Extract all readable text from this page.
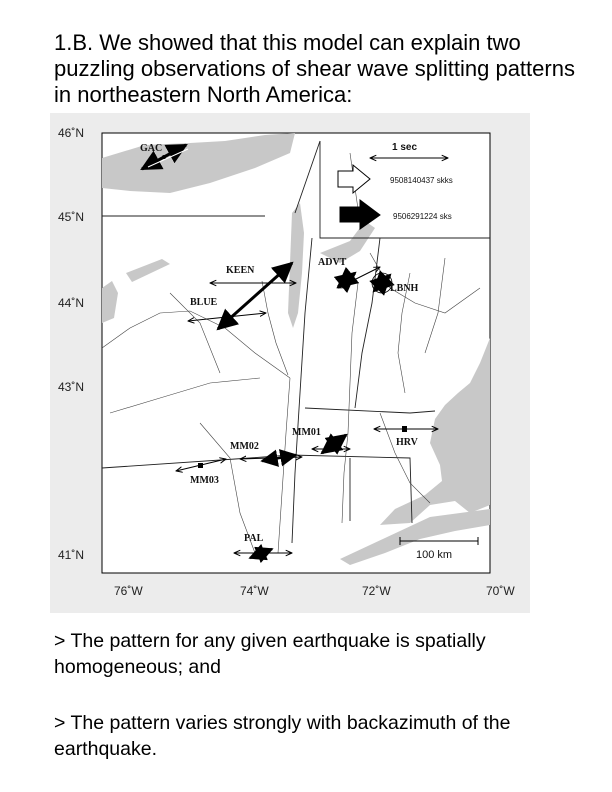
1.B. We showed that this model can explain two puzzling observations of shear wave splitting patterns in northeastern North America:
46˚N
45˚N
44˚N
43˚N
41˚N
76˚W	74˚W	72˚W	70˚W
1 sec
9508140437 skks
9506291224 sks
GAC
KEEN
ADVT
LBNH
BLUE
MM01
HRV
MM02
MM03
PAL
100 km
> The pattern for any given earthquake is spatially homogeneous; and
> The pattern varies strongly with backazimuth of the earthquake.
